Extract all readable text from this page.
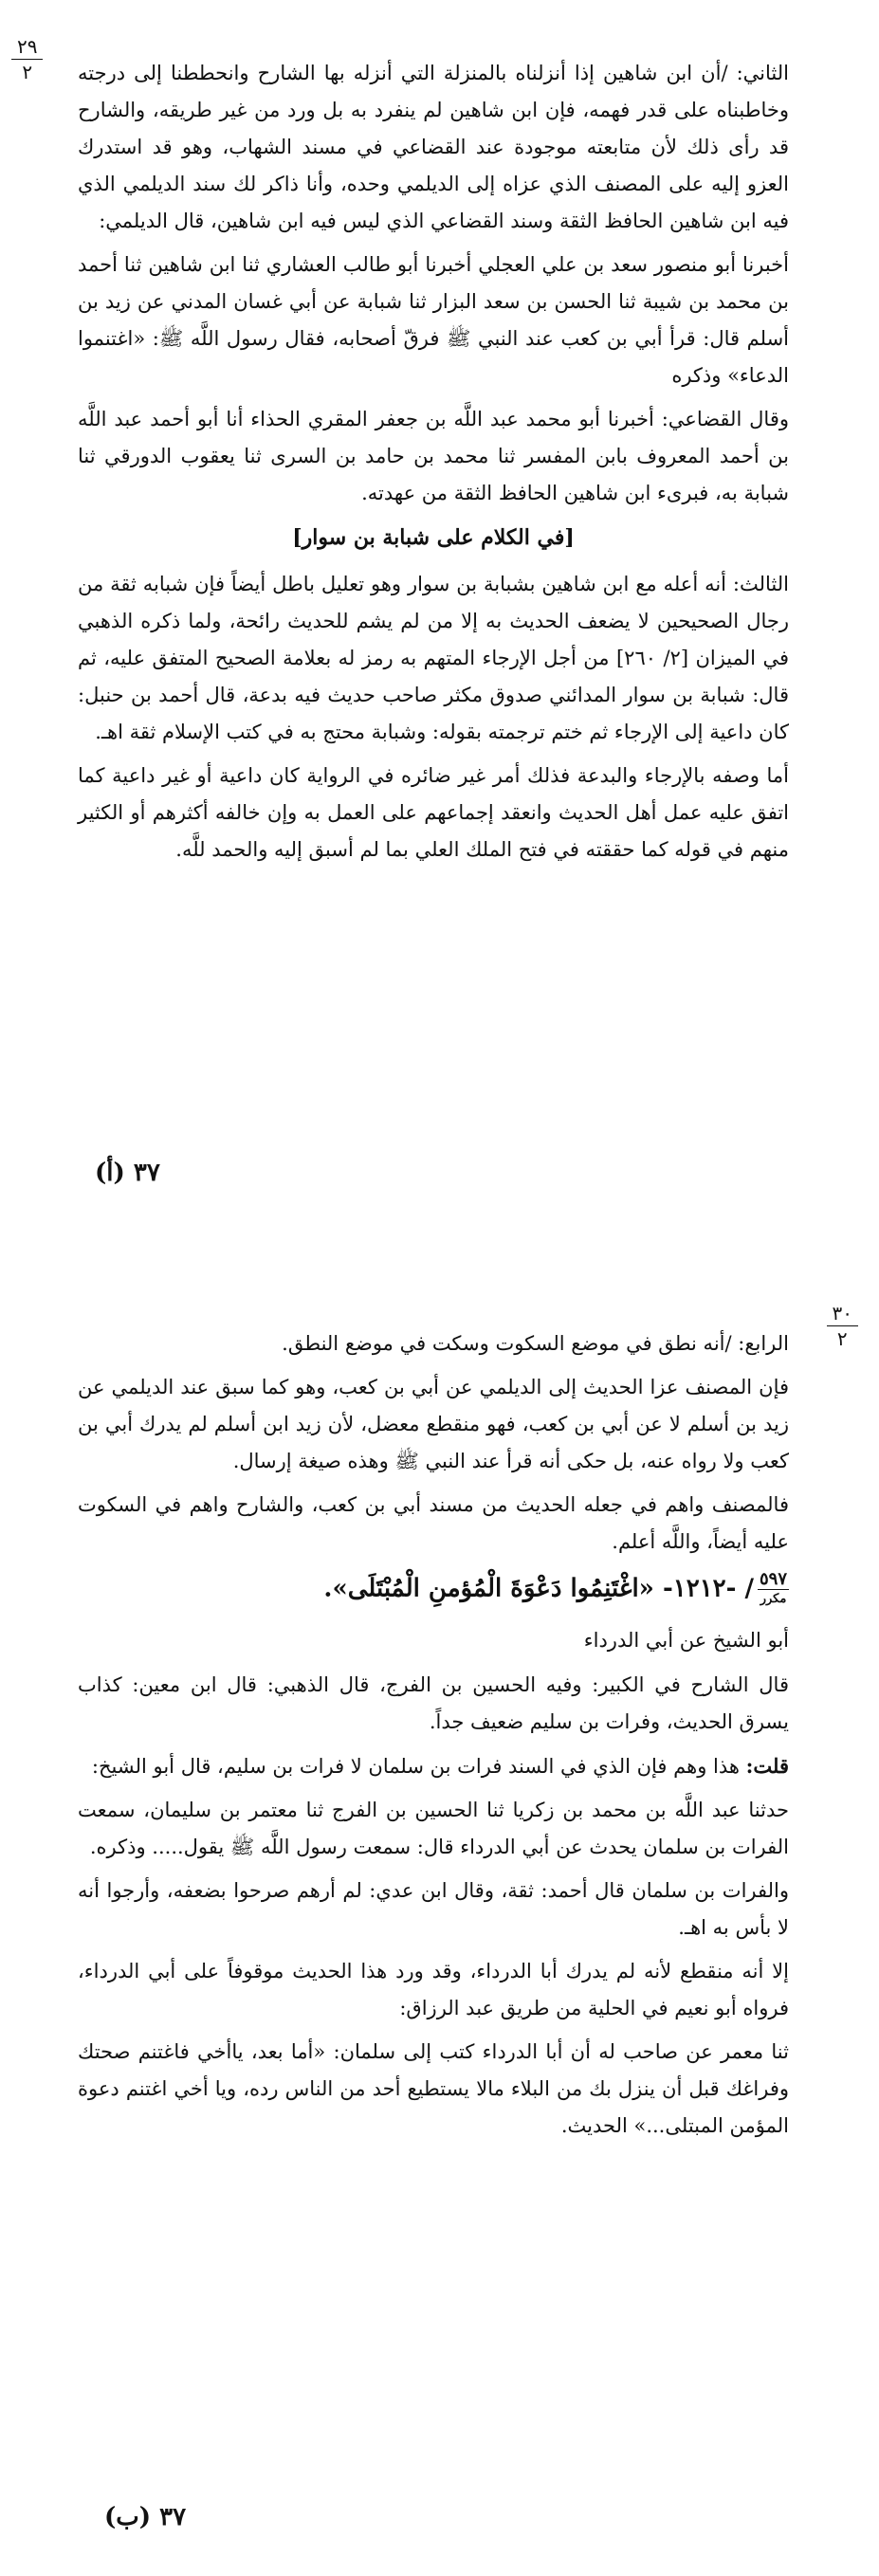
٢٩
٢	الثاني: /أن ابن شاهين إذا أنزلناه بالمنزلة التي أنزله بها الشارح وانحططنا إلى درجته وخاطبناه على قدر فهمه، فإن ابن شاهين لم ينفرد به بل ورد من غير طريقه، والشارح قد رأى ذلك لأن متابعته موجودة عند القضاعي في مسند الشهاب، وهو قد استدرك العزو إليه على المصنف الذي عزاه إلى الديلمي وحده، وأنا ذاكر لك سند الديلمي الذي فيه ابن شاهين الحافظ الثقة وسند القضاعي الذي ليس فيه ابن شاهين، قال الديلمي:

أخبرنا أبو منصور سعد بن علي العجلي أخبرنا أبو طالب العشاري ثنا ابن شاهين ثنا أحمد بن محمد بن شيبة ثنا الحسن بن سعد البزار ثنا شبابة عن أبي غسان المدني عن زيد بن أسلم قال: قرأ أبي بن كعب عند النبي ﷺ فرقّ أصحابه، فقال رسول اللَّه ﷺ: «اغتنموا الدعاء» وذكره

وقال القضاعي: أخبرنا أبو محمد عبد اللَّه بن جعفر المقري الحذاء أنا أبو أحمد عبد اللَّه بن أحمد المعروف بابن المفسر ثنا محمد بن حامد بن السرى ثنا يعقوب الدورقي ثنا شبابة به، فبرىء ابن شاهين الحافظ الثقة من عهدته.

[في الكلام على شبابة بن سوار]

الثالث: أنه أعله مع ابن شاهين بشبابة بن سوار وهو تعليل باطل أيضاً فإن شبابه ثقة من رجال الصحيحين لا يضعف الحديث به إلا من لم يشم للحديث رائحة، ولما ذكره الذهبي في الميزان [٢/ ٢٦٠] من أجل الإرجاء المتهم به رمز له بعلامة الصحيح المتفق عليه، ثم قال: شبابة بن سوار المدائني صدوق مكثر صاحب حديث فيه بدعة، قال أحمد بن حنبل: كان داعية إلى الإرجاء ثم ختم ترجمته بقوله: وشبابة محتج به في كتب الإسلام ثقة اهـ.

أما وصفه بالإرجاء والبدعة فذلك أمر غير ضائره في الرواية كان داعية أو غير داعية كما اتفق عليه عمل أهل الحديث وانعقد إجماعهم على العمل به وإن خالفه أكثرهم أو الكثير منهم في قوله كما حققته في فتح الملك العلي بما لم أسبق إليه والحمد للَّه.

٣٧ (أ)
٣٠
٢

الرابع: /أنه نطق في موضع السكوت وسكت في موضع النطق.

فإن المصنف عزا الحديث إلى الديلمي عن أبي بن كعب، وهو كما سبق عند الديلمي عن زيد بن أسلم لا عن أبي بن كعب، فهو منقطع معضل، لأن زيد ابن أسلم لم يدرك أبي بن كعب ولا رواه عنه، بل حكى أنه قرأ عند النبي ﷺ وهذه صيغة إرسال.

فالمصنف واهم في جعله الحديث من مسند أبي بن كعب، والشارح واهم في السكوت عليه أيضاً، واللَّه أعلم.

$\frac{٥٩٧}{\text{مكرر}}$
/ -١٢١٢- «اغْتَنِمُوا دَعْوَةَ الْمُؤمنِ الْمُبْتَلَى».
أبو الشيخ عن أبي الدرداء

قال الشارح في الكبير: وفيه الحسين بن الفرج، قال الذهبي: قال ابن معين: كذاب يسرق الحديث، وفرات بن سليم ضعيف جداً.

قلت: هذا وهم فإن الذي في السند فرات بن سلمان لا فرات بن سليم، قال أبو الشيخ:

حدثنا عبد اللَّه بن محمد بن زكريا ثنا الحسين بن الفرج ثنا معتمر بن سليمان، سمعت الفرات بن سلمان يحدث عن أبي الدرداء قال: سمعت رسول اللَّه ﷺ يقول..... وذكره.

والفرات بن سلمان قال أحمد: ثقة، وقال ابن عدي: لم أرهم صرحوا بضعفه، وأرجوا أنه لا بأس به اهـ.

إلا أنه منقطع لأنه لم يدرك أبا الدرداء، وقد ورد هذا الحديث موقوفاً على أبي الدرداء، فرواه أبو نعيم في الحلية من طريق عبد الرزاق:

ثنا معمر عن صاحب له أن أبا الدرداء كتب إلى سلمان: «أما بعد، ياأخي فاغتنم صحتك وفراغك قبل أن ينزل بك من البلاء مالا يستطيع أحد من الناس رده، ويا أخي اغتنم دعوة المؤمن المبتلى...» الحديث.

٣٧ (ب)
